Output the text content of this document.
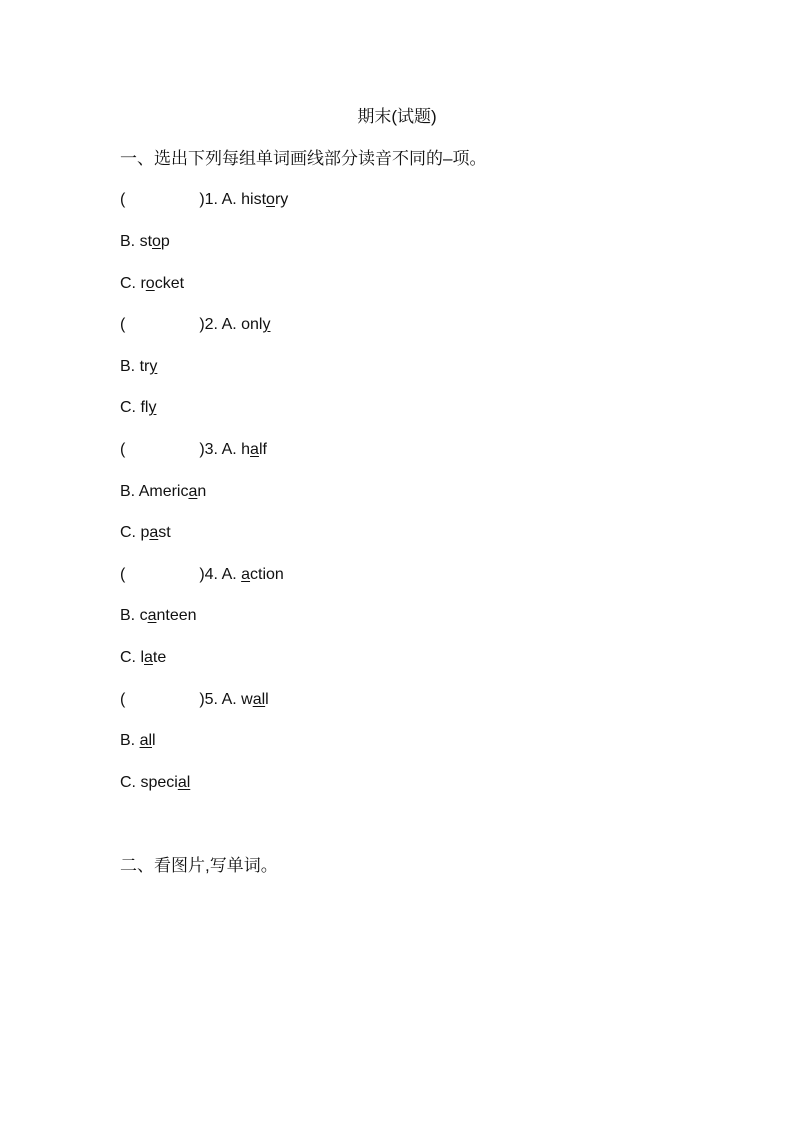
期末(试题)
一、选出下列每组单词画线部分读音不同的–项。
(	)1. A. history
B. stop
C. rocket
(	)2. A. only
B. try
C. fly
(	)3. A. half
B. American
C. past
(	)4. A. action
B. canteen
C. late
(	)5. A. wall
B. all
C. special
二、看图片,写单词。
